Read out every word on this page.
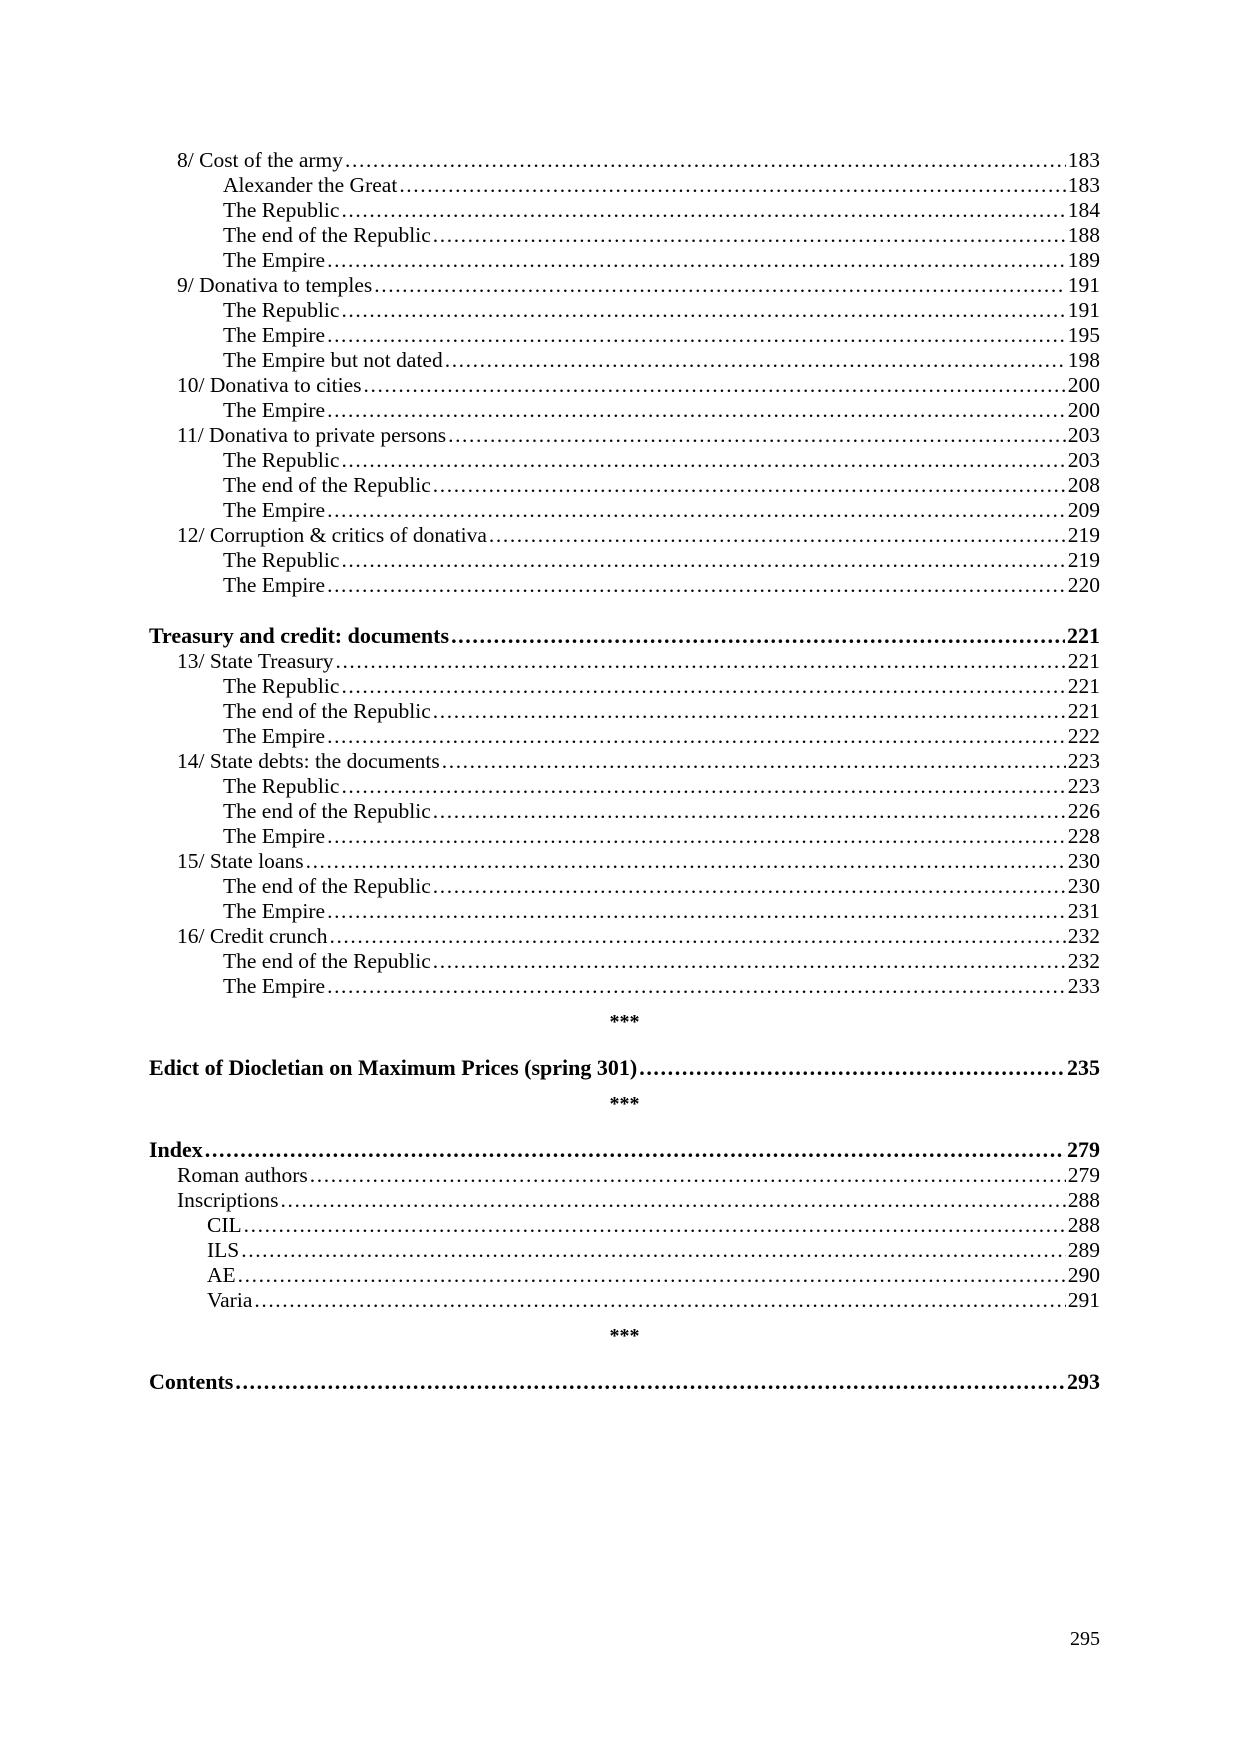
8/ Cost of the army .....	183
Alexander the Great .....	183
The Republic .....	184
The end of the Republic .....	188
The Empire .....	189
9/ Donativa to temples .....	191
The Republic .....	191
The Empire .....	195
The Empire but not dated .....	198
10/ Donativa to cities .....	200
The Empire .....	200
11/ Donativa to private persons .....	203
The Republic .....	203
The end of the Republic .....	208
The Empire .....	209
12/ Corruption & critics of donativa .....	219
The Republic .....	219
The Empire .....	220
Treasury and credit: documents .....	221
13/ State Treasury .....	221
The Republic .....	221
The end of the Republic .....	221
The Empire .....	222
14/ State debts: the documents .....	223
The Republic .....	223
The end of the Republic .....	226
The Empire .....	228
15/ State loans .....	230
The end of the Republic .....	230
The Empire .....	231
16/ Credit crunch .....	232
The end of the Republic .....	232
The Empire .....	233
***
Edict of Diocletian on Maximum Prices (spring 301) .....	235
***
Index .....	279
Roman authors .....	279
Inscriptions .....	288
CIL .....	288
ILS .....	289
AE .....	290
Varia .....	291
***
Contents .....	293
295
